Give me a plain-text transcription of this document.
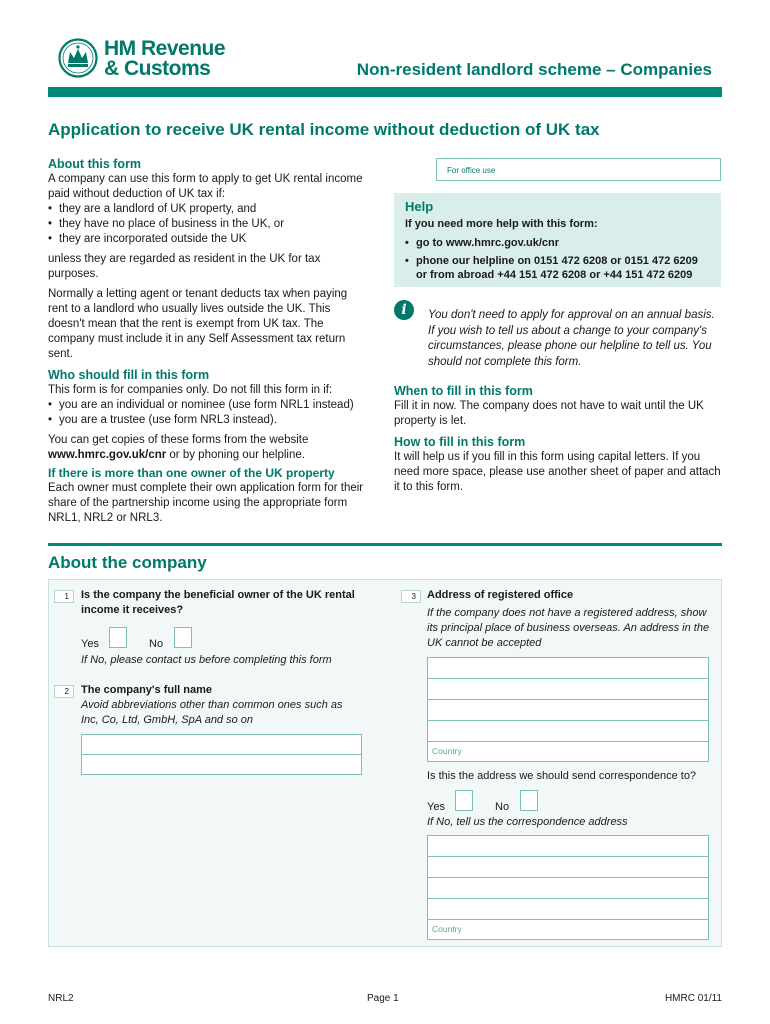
HM Revenue
& Customs	Non-resident landlord scheme – Companies
Application to receive UK rental income without deduction of UK tax
About this form
A company can use this form to apply to get UK rental income paid without deduction of UK tax if:
• they are a landlord of UK property, and
• they have no place of business in the UK, or
• they are incorporated outside the UK
unless they are regarded as resident in the UK for tax purposes.
Normally a letting agent or tenant deducts tax when paying rent to a landlord who usually lives outside the UK. This doesn't mean that the rent is exempt from UK tax. The company must include it in any Self Assessment tax return sent.
Who should fill in this form
This form is for companies only. Do not fill this form in if:
• you are an individual or nominee (use form NRL1 instead)
• you are a trustee (use form NRL3 instead).
You can get copies of these forms from the website www.hmrc.gov.uk/cnr or by phoning our helpline.
If there is more than one owner of the UK property
Each owner must complete their own application form for their share of the partnership income using the appropriate form NRL1, NRL2 or NRL3.
For office use
Help
If you need more help with this form:
• go to www.hmrc.gov.uk/cnr
• phone our helpline on 0151 472 6208 or 0151 472 6209 or from abroad +44 151 472 6208 or +44 151 472 6209
i	You don't need to apply for approval on an annual basis. If you wish to tell us about a change to your company's circumstances, please phone our helpline to tell us. You should not complete this form.
When to fill in this form
Fill it in now. The company does not have to wait until the UK property is let.
How to fill in this form
It will help us if you fill in this form using capital letters. If you need more space, please use another sheet of paper and attach it to this form.
About the company
1	Is the company the beneficial owner of the UK rental income it receives?
Yes	No
If No, please contact us before completing this form
2	The company's full name
Avoid abbreviations other than common ones such as Inc, Co, Ltd, GmbH, SpA and so on
3	Address of registered office
If the company does not have a registered address, show its principal place of business overseas. An address in the UK cannot be accepted
Country
Is this the address we should send correspondence to?
Yes	No
If No, tell us the correspondence address
Country
NRL2	Page 1	HMRC 01/11
